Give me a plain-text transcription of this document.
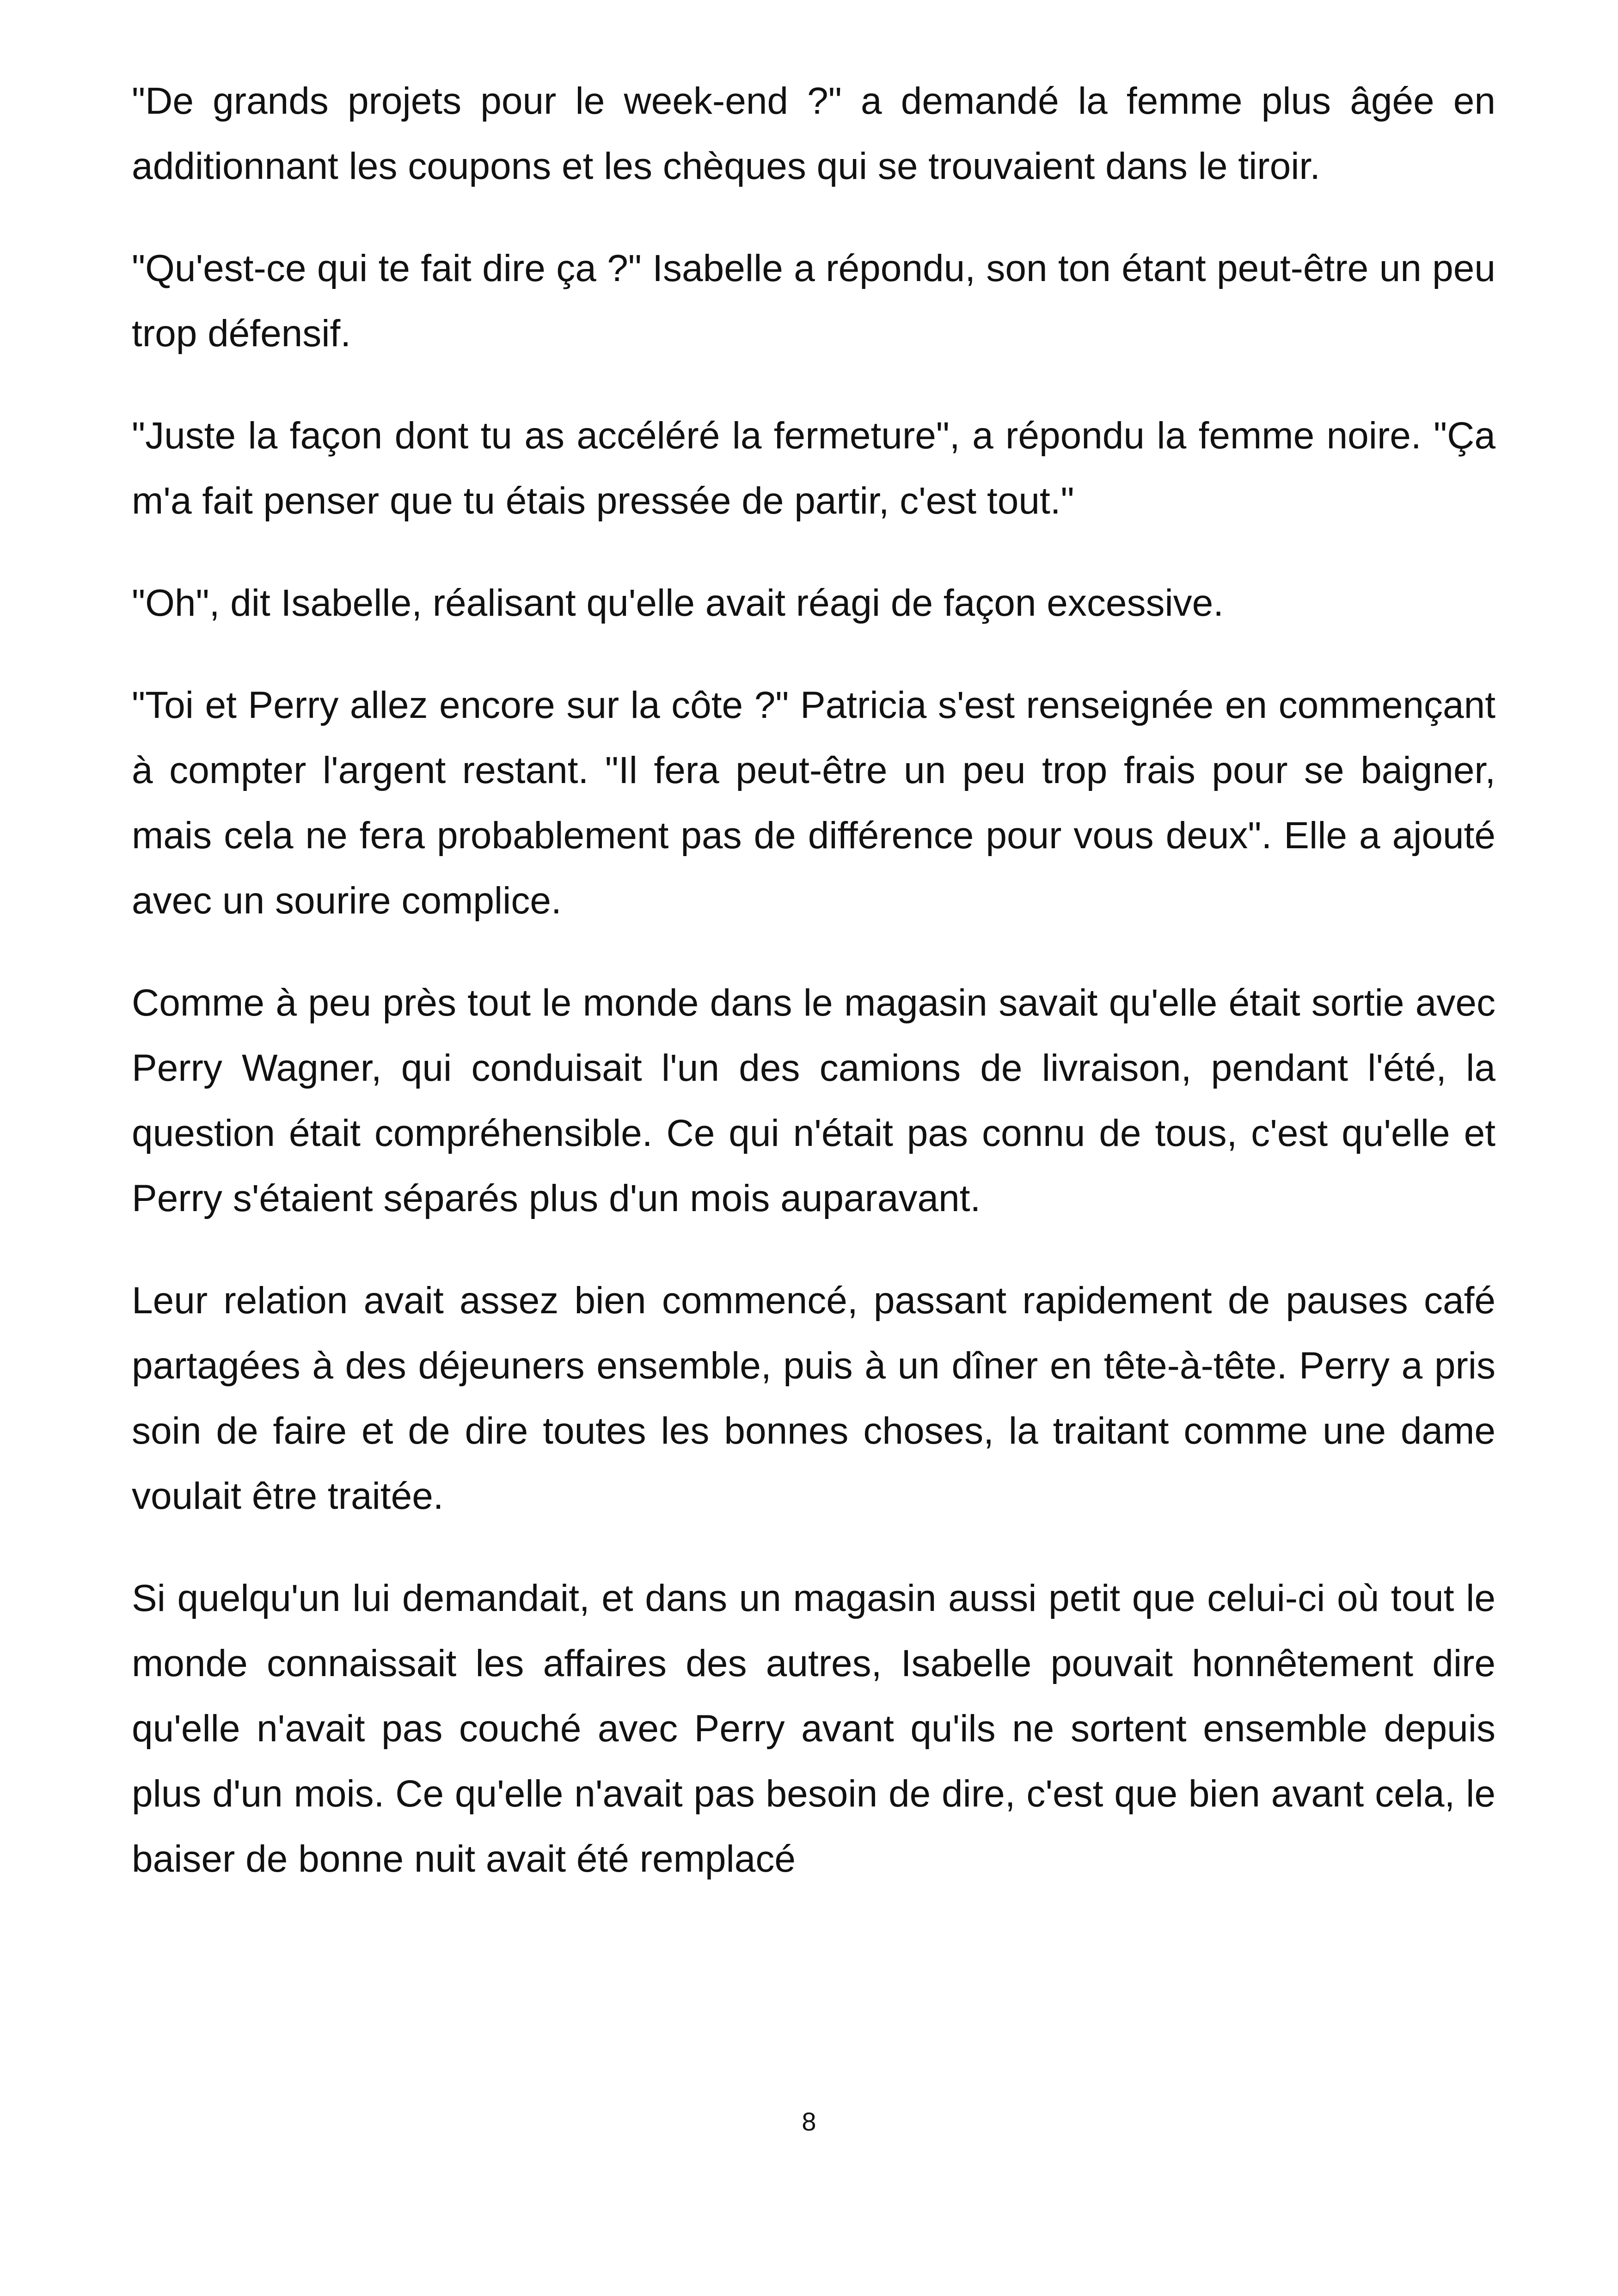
"De grands projets pour le week-end ?" a demandé la femme plus âgée en additionnant les coupons et les chèques qui se trouvaient dans le tiroir.

"Qu'est-ce qui te fait dire ça ?" Isabelle a répondu, son ton étant peut-être un peu trop défensif.

"Juste la façon dont tu as accéléré la fermeture", a répondu la femme noire. "Ça m'a fait penser que tu étais pressée de partir, c'est tout."

"Oh", dit Isabelle, réalisant qu'elle avait réagi de façon excessive.

"Toi et Perry allez encore sur la côte ?" Patricia s'est renseignée en commençant à compter l'argent restant. "Il fera peut-être un peu trop frais pour se baigner, mais cela ne fera probablement pas de différence pour vous deux". Elle a ajouté avec un sourire complice.

Comme à peu près tout le monde dans le magasin savait qu'elle était sortie avec Perry Wagner, qui conduisait l'un des camions de livraison, pendant l'été, la question était compréhensible. Ce qui n'était pas connu de tous, c'est qu'elle et Perry s'étaient séparés plus d'un mois auparavant.

Leur relation avait assez bien commencé, passant rapidement de pauses café partagées à des déjeuners ensemble, puis à un dîner en tête-à-tête. Perry a pris soin de faire et de dire toutes les bonnes choses, la traitant comme une dame voulait être traitée.

Si quelqu'un lui demandait, et dans un magasin aussi petit que celui-ci où tout le monde connaissait les affaires des autres, Isabelle pouvait honnêtement dire qu'elle n'avait pas couché avec Perry avant qu'ils ne sortent ensemble depuis plus d'un mois. Ce qu'elle n'avait pas besoin de dire, c'est que bien avant cela, le baiser de bonne nuit avait été remplacé

8
